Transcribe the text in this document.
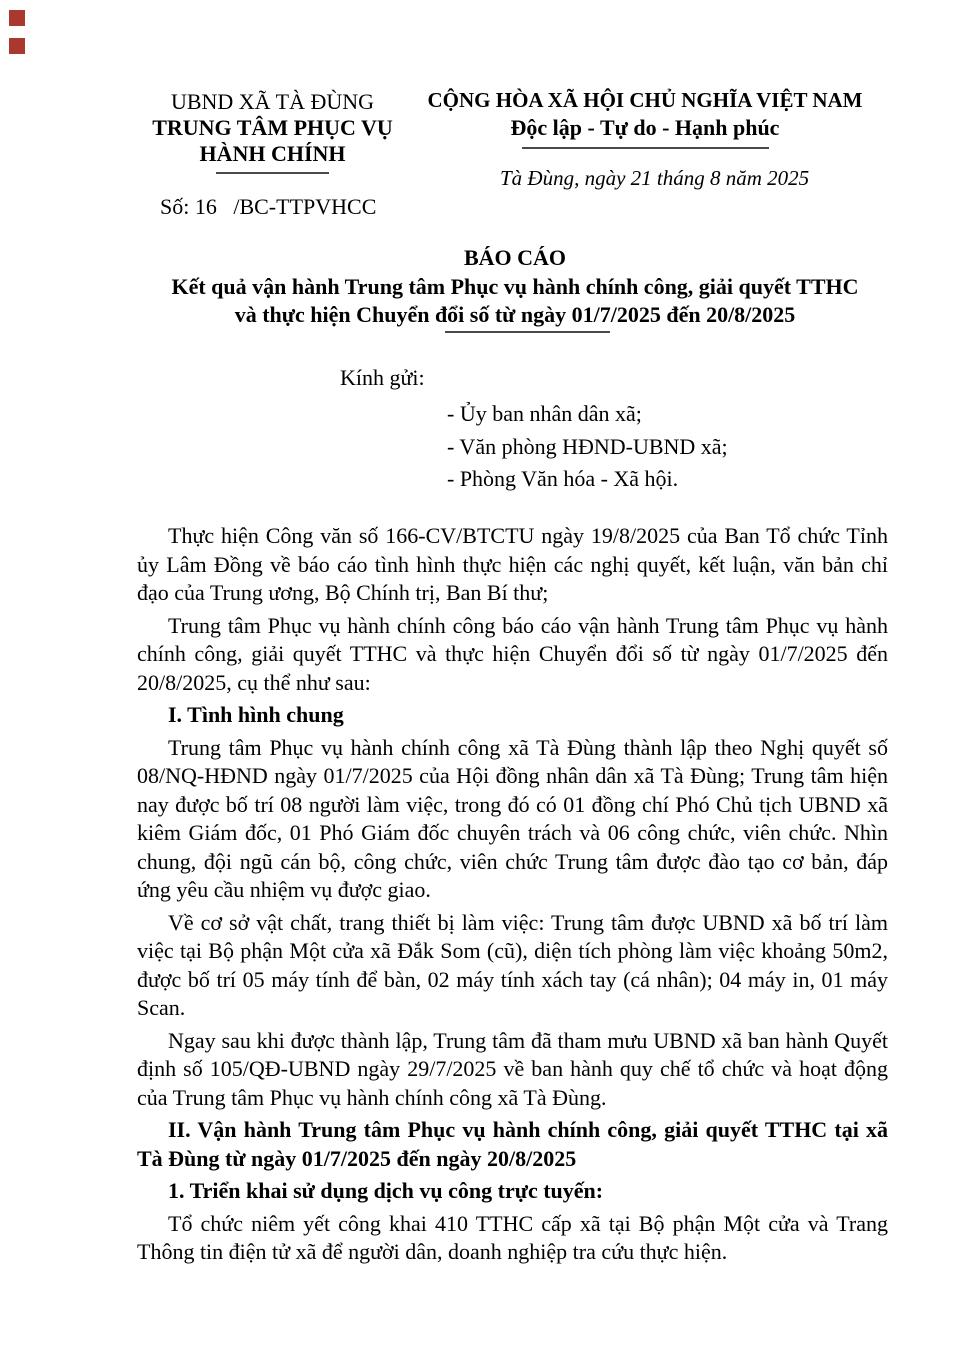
UBND XÃ TÀ ĐÙNG
TRUNG TÂM PHỤC VỤ
HÀNH CHÍNH
Số: 16   /BC-TTPVHCC
CỘNG HÒA XÃ HỘI CHỦ NGHĨA VIỆT NAM
Độc lập - Tự do - Hạnh phúc
Tà Đùng, ngày 21 tháng 8 năm 2025
BÁO CÁO
Kết quả vận hành Trung tâm Phục vụ hành chính công, giải quyết TTHC
và thực hiện Chuyển đổi số từ ngày 01/7/2025 đến 20/8/2025
Kính gửi:
- Ủy ban nhân dân xã;
- Văn phòng HĐND-UBND xã;
- Phòng Văn hóa - Xã hội.

Thực hiện Công văn số 166-CV/BTCTU ngày 19/8/2025 của Ban Tổ chức Tỉnh ủy Lâm Đồng về báo cáo tình hình thực hiện các nghị quyết, kết luận, văn bản chỉ đạo của Trung ương, Bộ Chính trị, Ban Bí thư;

Trung tâm Phục vụ hành chính công báo cáo vận hành Trung tâm Phục vụ hành chính công, giải quyết TTHC và thực hiện Chuyển đổi số từ ngày 01/7/2025 đến 20/8/2025, cụ thể như sau:

I. Tình hình chung

Trung tâm Phục vụ hành chính công xã Tà Đùng thành lập theo Nghị quyết số 08/NQ-HĐND ngày 01/7/2025 của Hội đồng nhân dân xã Tà Đùng; Trung tâm hiện nay được bố trí 08 người làm việc, trong đó có 01 đồng chí Phó Chủ tịch UBND xã kiêm Giám đốc, 01 Phó Giám đốc chuyên trách và 06 công chức, viên chức. Nhìn chung, đội ngũ cán bộ, công chức, viên chức Trung tâm được đào tạo cơ bản, đáp ứng yêu cầu nhiệm vụ được giao.

Về cơ sở vật chất, trang thiết bị làm việc: Trung tâm được UBND xã bố trí làm việc tại Bộ phận Một cửa xã Đắk Som (cũ), diện tích phòng làm việc khoảng 50m2, được bố trí 05 máy tính để bàn, 02 máy tính xách tay (cá nhân); 04 máy in, 01 máy Scan.

Ngay sau khi được thành lập, Trung tâm đã tham mưu UBND xã ban hành Quyết định số 105/QĐ-UBND ngày 29/7/2025 về ban hành quy chế tổ chức và hoạt động của Trung tâm Phục vụ hành chính công xã Tà Đùng.

II. Vận hành Trung tâm Phục vụ hành chính công, giải quyết TTHC tại xã Tà Đùng từ ngày 01/7/2025 đến ngày 20/8/2025

1. Triển khai sử dụng dịch vụ công trực tuyến:

Tổ chức niêm yết công khai 410 TTHC cấp xã tại Bộ phận Một cửa và Trang Thông tin điện tử xã để người dân, doanh nghiệp tra cứu thực hiện.
